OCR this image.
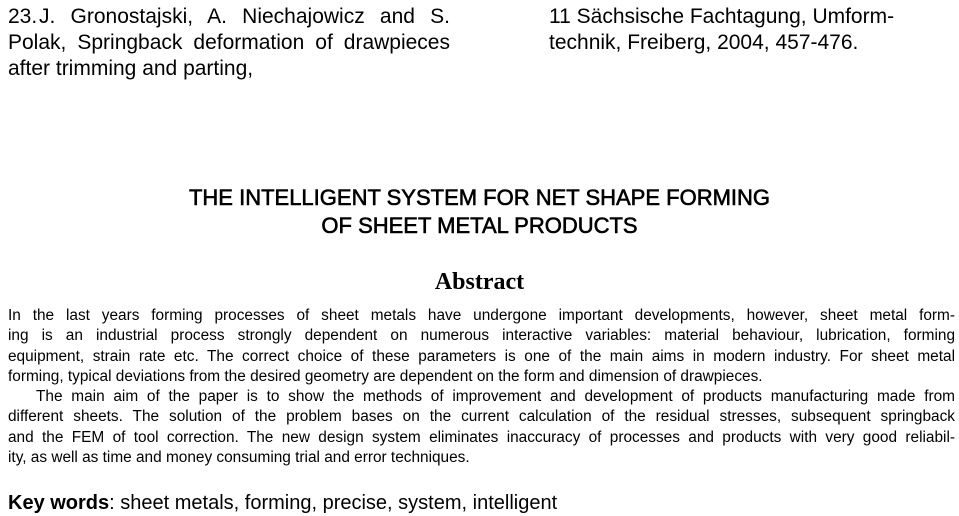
23.J. Gronostajski, A. Niechajowicz and S. Polak, Springback deformation of drawpieces after trimming and parting,
11 Sächsische Fachtagung, Umform-
technik, Freiberg, 2004, 457-476.
THE INTELLIGENT SYSTEM FOR NET SHAPE FORMING
OF SHEET METAL PRODUCTS
Abstract
In the last years forming processes of sheet metals have undergone important developments, however, sheet metal form-
ing is an industrial process strongly dependent on numerous interactive variables: material behaviour, lubrication, forming
equipment, strain rate etc. The correct choice of these parameters is one of the main aims in modern industry. For sheet metal
forming, typical deviations from the desired geometry are dependent on the form and dimension of drawpieces.
The main aim of the paper is to show the methods of improvement and development of products manufacturing made from
different sheets. The solution of the problem bases on the current calculation of the residual stresses, subsequent springback
and the FEM of tool correction. The new design system eliminates inaccuracy of processes and products with very good reliabil-
ity, as well as time and money consuming trial and error techniques.
Key words: sheet metals, forming, precise, system, intelligent
